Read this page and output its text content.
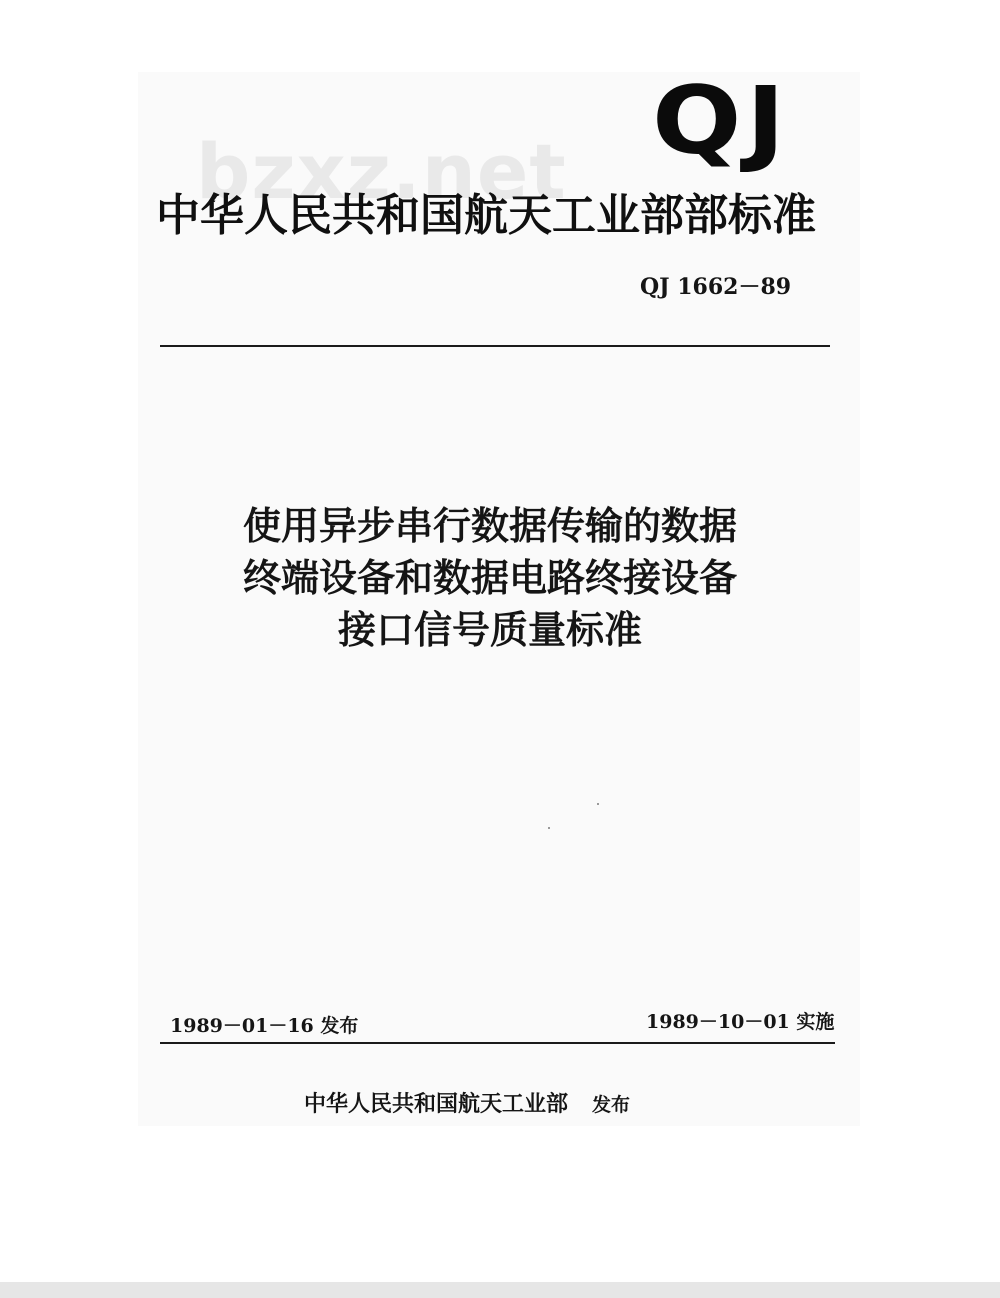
bzxz.net QJ
中华人民共和国航天工业部部标准
QJ 1662－89
使用异步串行数据传输的数据
终端设备和数据电路终接设备
接口信号质量标准
1989－01－16 发布	1989－10－01 实施
中华人民共和国航天工业部 发布
